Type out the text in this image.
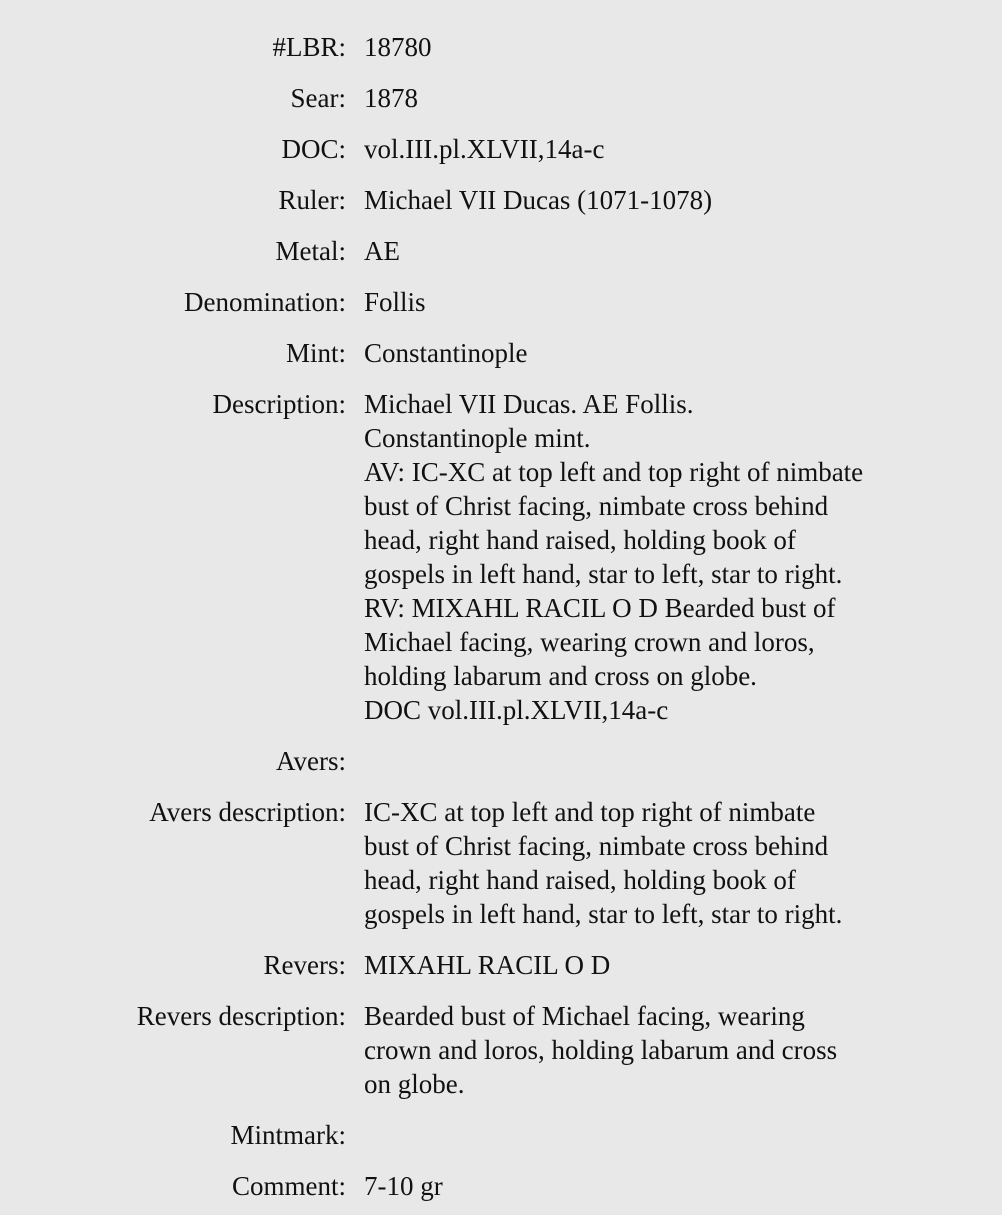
#LBR: 18780
Sear: 1878
DOC: vol.III.pl.XLVII,14a-c
Ruler: Michael VII Ducas (1071-1078)
Metal: AE
Denomination: Follis
Mint: Constantinople
Description: Michael VII Ducas. AE Follis.
Constantinople mint.
AV: IC-XC at top left and top right of nimbate
bust of Christ facing, nimbate cross behind
head, right hand raised, holding book of
gospels in left hand, star to left, star to right.
RV: MIXAHL RACIL O D Bearded bust of
Michael facing, wearing crown and loros,
holding labarum and cross on globe.
DOC vol.III.pl.XLVII,14a-c
Avers:
Avers description: IC-XC at top left and top right of nimbate
bust of Christ facing, nimbate cross behind
head, right hand raised, holding book of
gospels in left hand, star to left, star to right.
Revers: MIXAHL RACIL O D
Revers description: Bearded bust of Michael facing, wearing
crown and loros, holding labarum and cross
on globe.
Mintmark:
Comment: 7-10 gr
